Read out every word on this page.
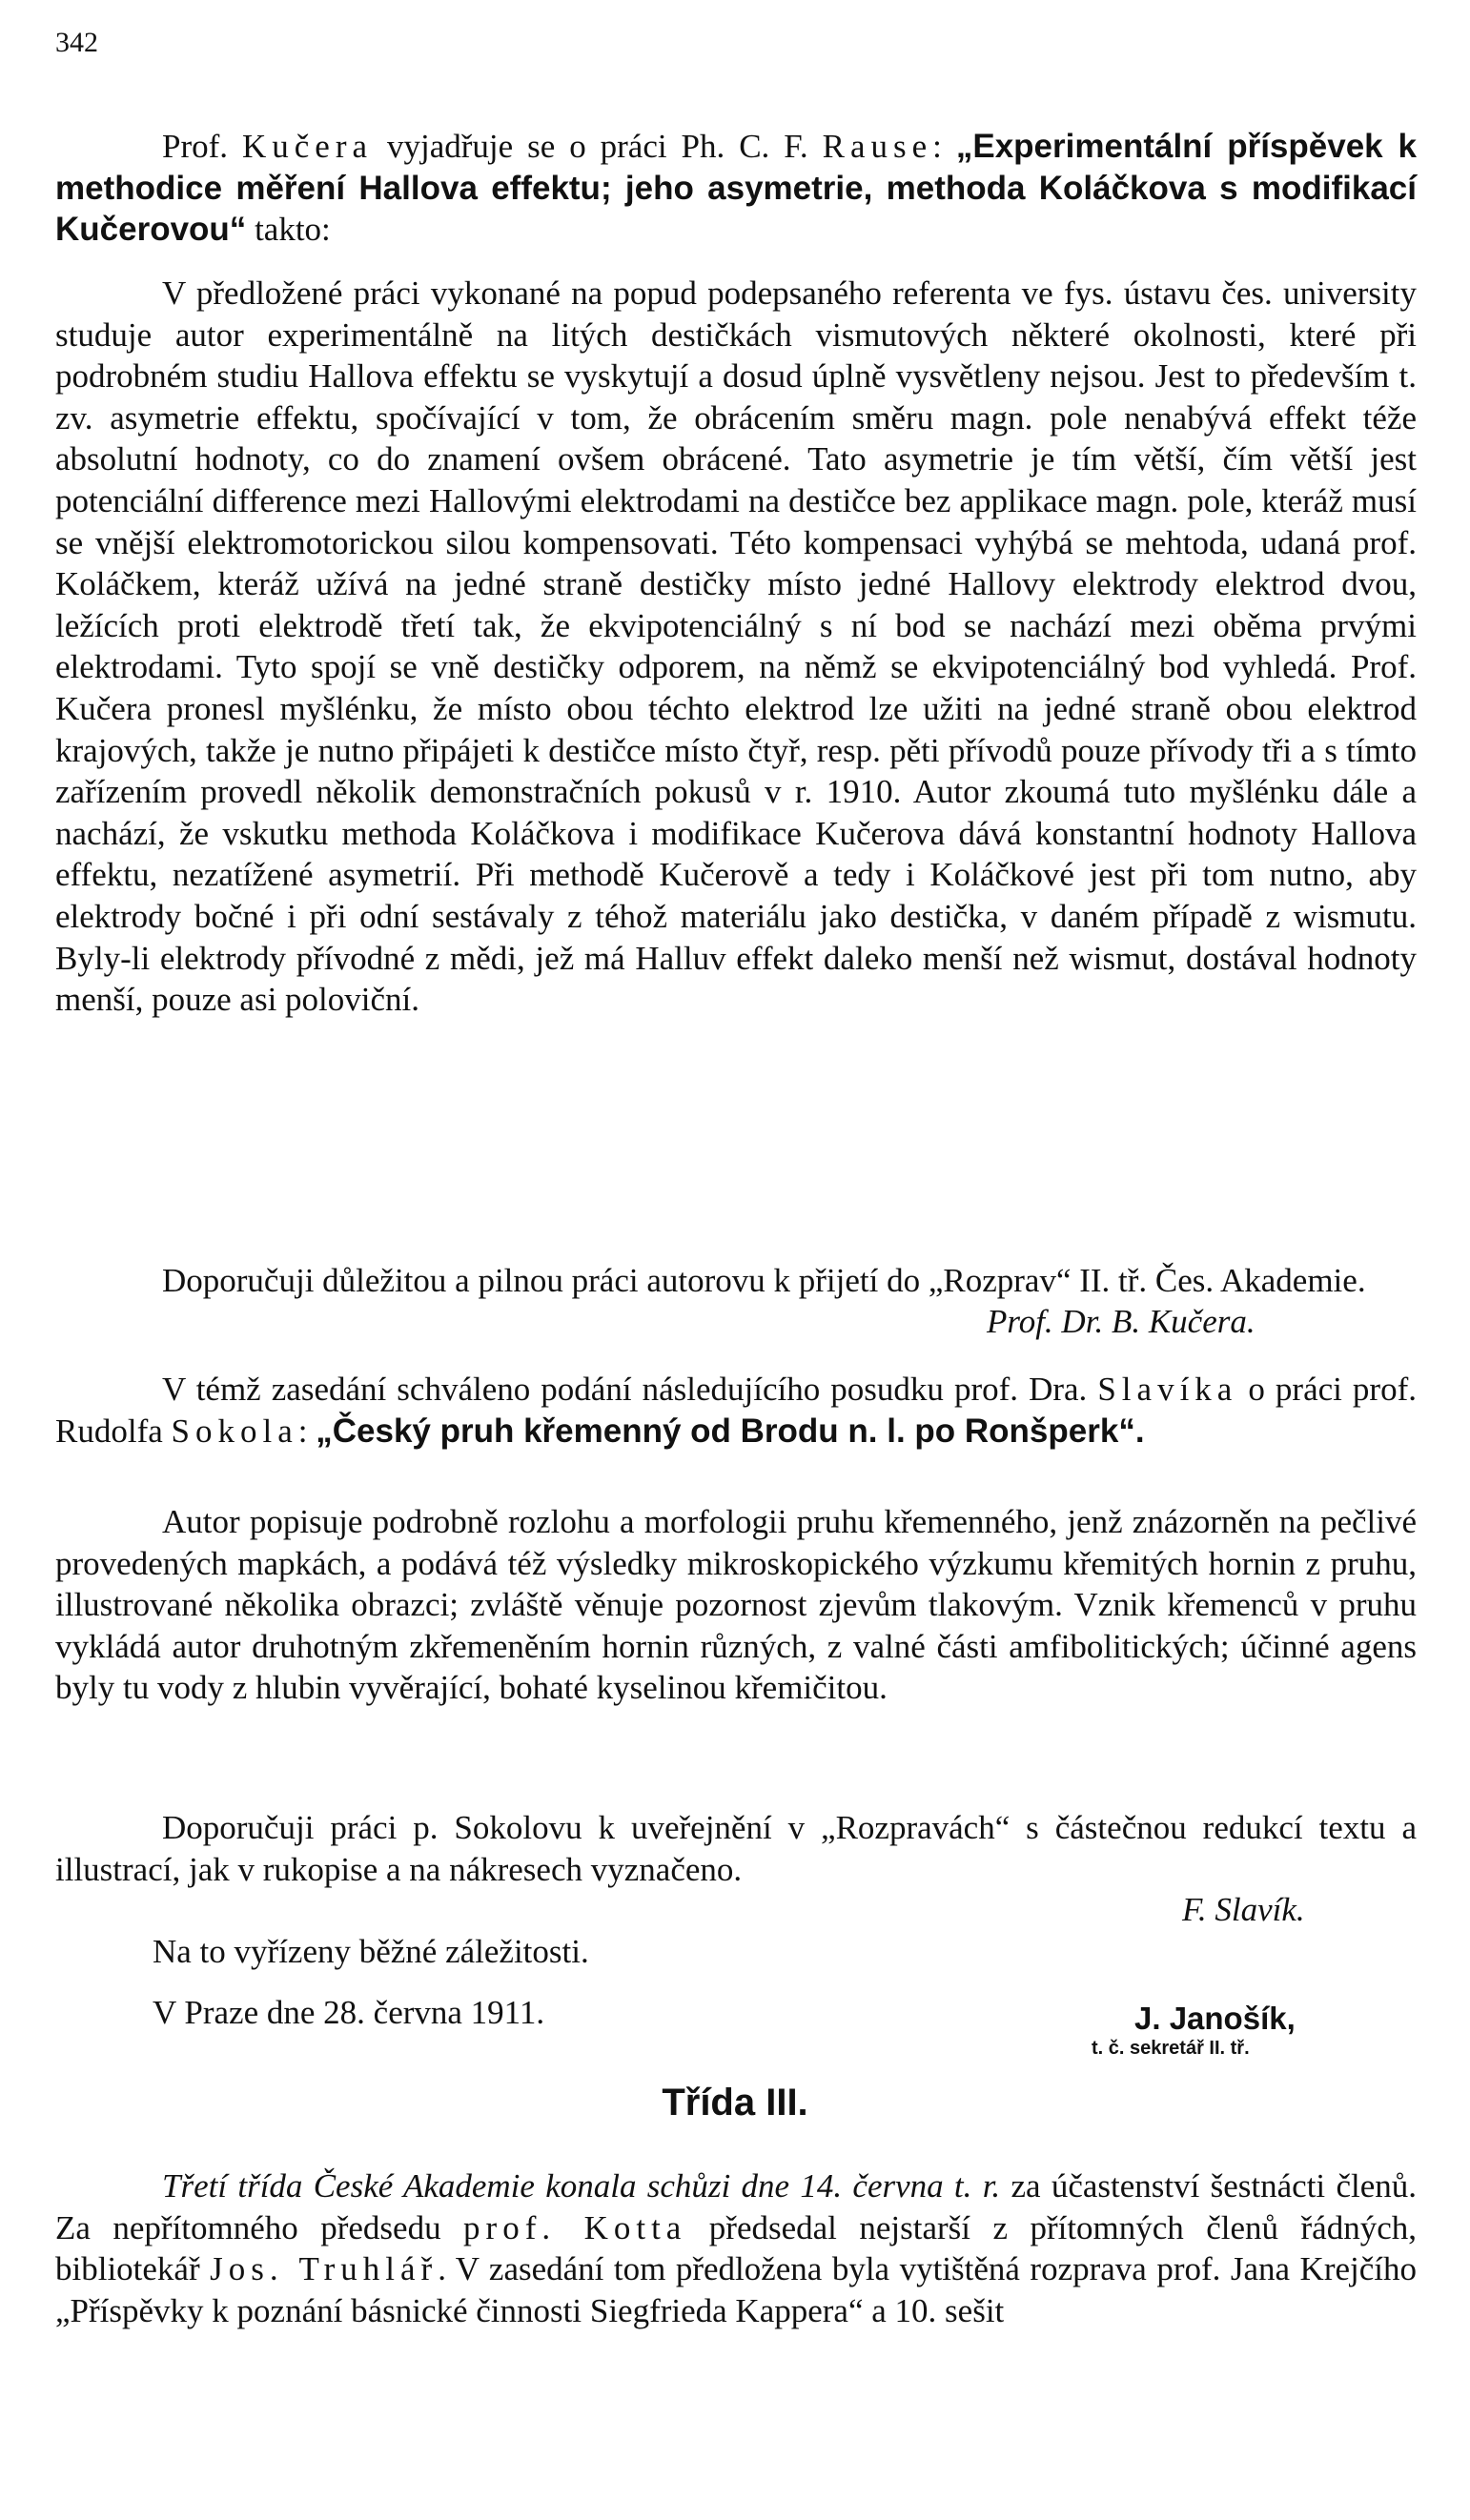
342

Prof. Kučera vyjadřuje se o práci Ph. C. F. Rause: „Experimentální příspěvek k methodice měření Hallova effektu; jeho asymetrie, methoda Koláčkova s modifikací Kučerovou“ takto:

V předložené práci vykonané na popud podepsaného referenta ve fys. ústavu čes. university studuje autor experimentálně na litých destičkách vismutových některé okolnosti, které při podrobném studiu Hallova effektu se vyskytují a dosud úplně vysvětleny nejsou. Jest to především t. zv. asymetrie effektu, spočívající v tom, že obrácením směru magn. pole nenabývá effekt téže absolutní hodnoty, co do znamení ovšem obrácené. Tato asymetrie je tím větší, čím větší jest potenciální difference mezi Hallovými elektrodami na destičce bez applikace magn. pole, kteráž musí se vnější elektromotorickou silou kompensovati. Této kompensaci vyhýbá se mehtoda, udaná prof. Koláčkem, kteráž užívá na jedné straně destičky místo jedné Hallovy elektrody elektrod dvou, ležících proti elektrodě třetí tak, že ekvipotenciálný s ní bod se nachází mezi oběma prvými elektrodami. Tyto spojí se vně destičky odporem, na němž se ekvipotenciálný bod vyhledá. Prof. Kučera pronesl myšlénku, že místo obou téchto elektrod lze užiti na jedné straně obou elektrod krajových, takže je nutno připájeti k destičce místo čtyř, resp. pěti přívodů pouze přívody tři a s tímto zařízením provedl několik demonstračních pokusů v r. 1910. Autor zkoumá tuto myšlénku dále a nachází, že vskutku methoda Koláčkova i modifikace Kučerova dává konstantní hodnoty Hallova effektu, nezatížené asymetrií. Při methodě Kučerově a tedy i Koláčkové jest při tom nutno, aby elektrody bočné i při odní sestávaly z téhož materiálu jako destička, v daném případě z wismutu. Byly-li elektrody přívodné z mědi, jež má Halluv effekt daleko menší než wismut, dostával hodnoty menší, pouze asi poloviční.

Doporučuji důležitou a pilnou práci autorovu k přijetí do „Rozprav“ II. tř. Čes. Akademie.

Prof. Dr. B. Kučera.

V témž zasedání schváleno podání následujícího posudku prof. Dra. Slavíka o práci prof. Rudolfa Sokola: „Český pruh křemenný od Brodu n. l. po Ronšperk“.

Autor popisuje podrobně rozlohu a morfologii pruhu křemenného, jenž znázorněn na pečlivé provedených mapkách, a podává též výsledky mikroskopického výzkumu křemitých hornin z pruhu, illustrované několika obrazci; zvláště věnuje pozornost zjevům tlakovým. Vznik křemenců v pruhu vykládá autor druhotným zkřemeněním hornin různých, z valné části amfibolitických; účinné agens byly tu vody z hlubin vyvěrající, bohaté kyselinou křemičitou.

Doporučuji práci p. Sokolovu k uveřejnění v „Rozpravách“ s částečnou redukcí textu a illustrací, jak v rukopise a na nákresech vyznačeno.

F. Slavík.
Na to vyřízeny běžné záležitosti.
V Praze dne 28. června 1911.	J. Janošík,
t. č. sekretář II. tř.
Třída III.

Třetí třída České Akademie konala schůzi dne 14. června t. r. za účastenství šestnácti členů. Za nepřítomného předsedu prof. Kotta předsedal nejstarší z přítomných členů řádných, bibliotekář Jos. Truhlář. V zasedání tom předložena byla vytištěná rozprava prof. Jana Krejčího „Příspěvky k poznání básnické činnosti Siegfrieda Kappera“ a 10. sešit
